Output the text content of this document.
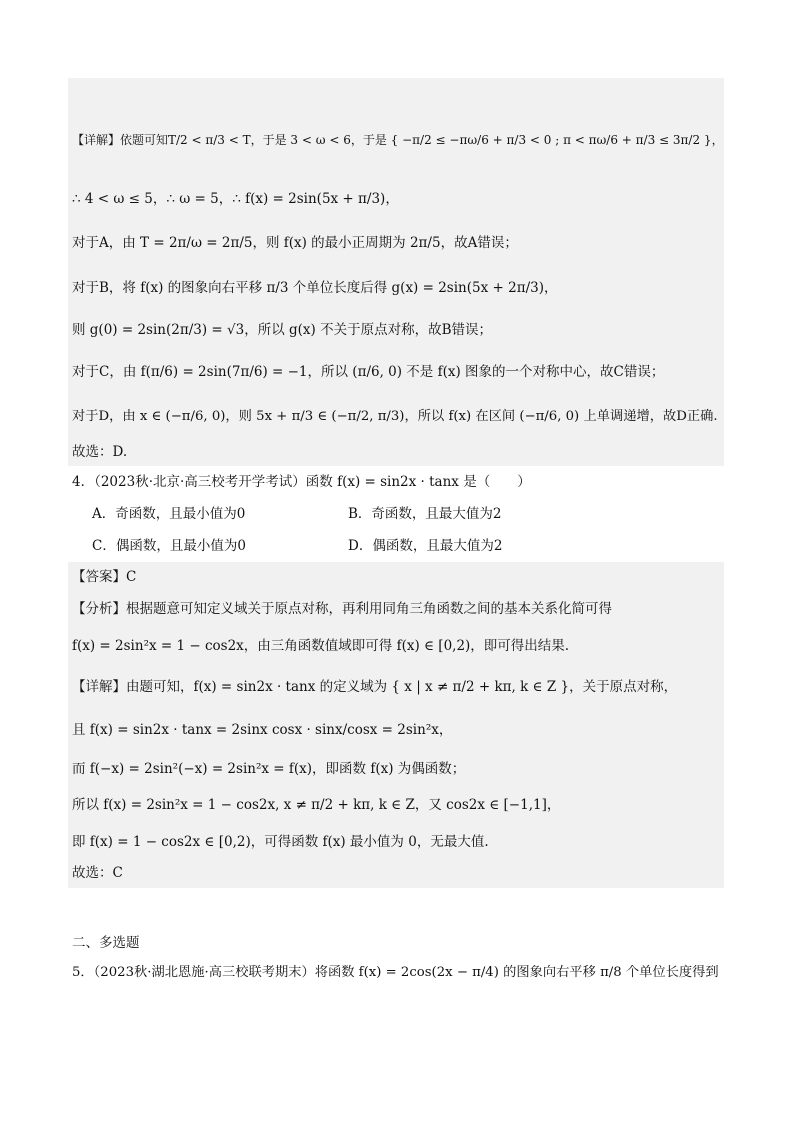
【详解】依题可知T/2 < π/3 < T，于是 3 < ω < 6，于是 { −π/2 ≤ −πω/6 + π/3 < 0 ; π < πω/6 + π/3 ≤ 3π/2 }，
∴ 4 < ω ≤ 5，∴ ω = 5，∴ f(x) = 2sin(5x + π/3)，
对于A，由 T = 2π/ω = 2π/5，则 f(x) 的最小正周期为 2π/5，故A错误；
对于B，将 f(x) 的图象向右平移 π/3 个单位长度后得 g(x) = 2sin(5x + 2π/3)，
则 g(0) = 2sin(2π/3) = √3，所以 g(x) 不关于原点对称，故B错误；
对于C，由 f(π/6) = 2sin(7π/6) = −1，所以 (π/6, 0) 不是 f(x) 图象的一个对称中心，故C错误；
对于D，由 x ∈ (−π/6, 0)，则 5x + π/3 ∈ (−π/2, π/3)，所以 f(x) 在区间 (−π/6, 0) 上单调递增，故D正确.
故选：D.
4．（2023秋·北京·高三校考开学考试）函数 f(x) = sin2x · tanx 是（　　）
A．奇函数，且最小值为0	B．奇函数，且最大值为2
C．偶函数，且最小值为0	D．偶函数，且最大值为2
【答案】C
【分析】根据题意可知定义域关于原点对称，再利用同角三角函数之间的基本关系化简可得
f(x) = 2sin²x = 1 − cos2x，由三角函数值域即可得 f(x) ∈ [0,2)，即可得出结果.
【详解】由题可知，f(x) = sin2x · tanx 的定义域为 { x | x ≠ π/2 + kπ, k ∈ Z }，关于原点对称，
且 f(x) = sin2x · tanx = 2sinx cosx · sinx/cosx = 2sin²x，
而 f(−x) = 2sin²(−x) = 2sin²x = f(x)，即函数 f(x) 为偶函数；
所以 f(x) = 2sin²x = 1 − cos2x, x ≠ π/2 + kπ, k ∈ Z，又 cos2x ∈ [−1,1]，
即 f(x) = 1 − cos2x ∈ [0,2)，可得函数 f(x) 最小值为 0，无最大值.
故选：C
二、多选题
5．（2023秋·湖北恩施·高三校联考期末）将函数 f(x) = 2cos(2x − π/4) 的图象向右平移 π/8 个单位长度得到
